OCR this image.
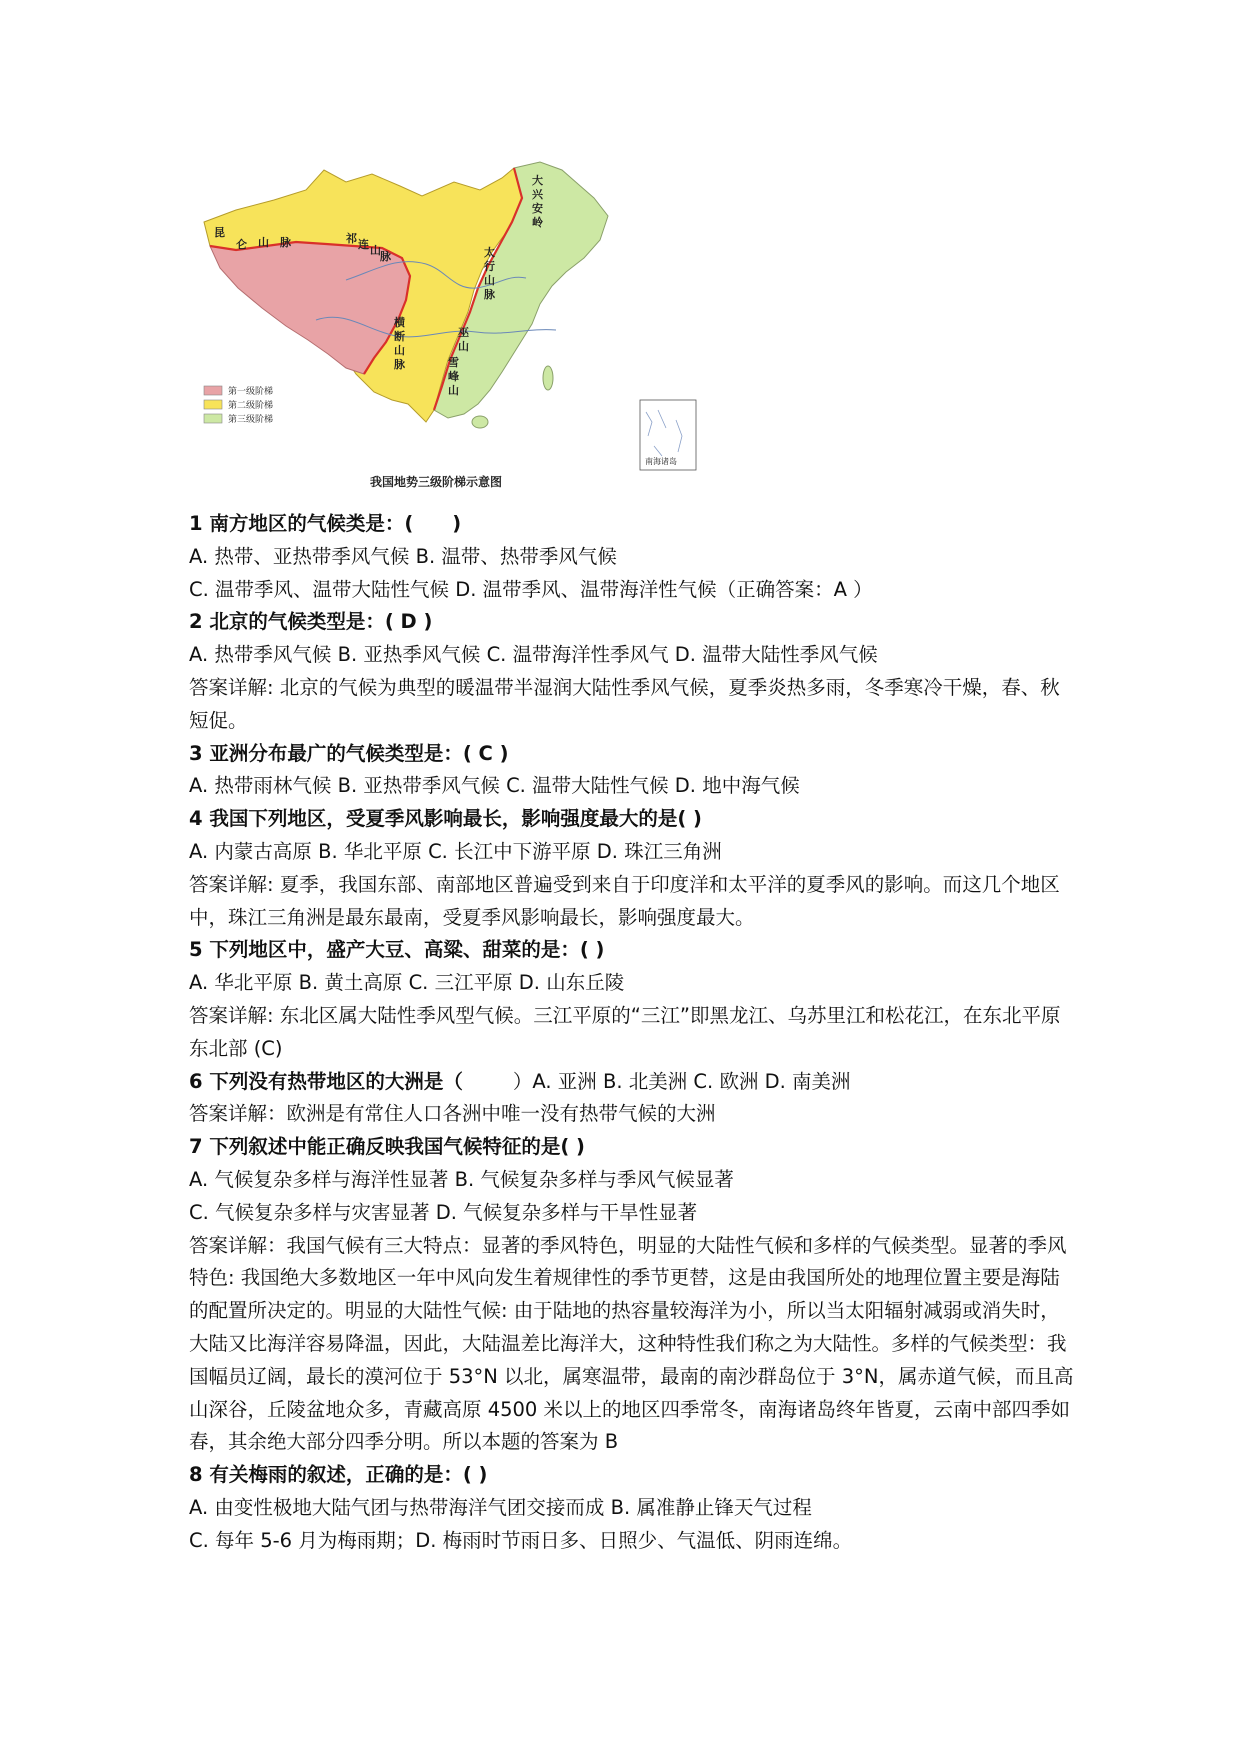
昆
仑 山 脉	祁 连 山 脉
横
断
山
脉
大
兴
安
岭
太
行
山
脉
巫
山
雪
峰
山
第一级阶梯
第二级阶梯
第三级阶梯
南海诸岛
我国地势三级阶梯示意图
1 南方地区的气候类是：(　　)
A. 热带、亚热带季风气候 B. 温带、热带季风气候
C. 温带季风、温带大陆性气候 D. 温带季风、温带海洋性气候（正确答案：A ）
2 北京的气候类型是：( D )
A. 热带季风气候 B. 亚热季风气候 C. 温带海洋性季风气 D. 温带大陆性季风气候
答案详解: 北京的气候为典型的暖温带半湿润大陆性季风气候，夏季炎热多雨，冬季寒冷干燥，春、秋短促。
3 亚洲分布最广的气候类型是：( C )
A. 热带雨林气候 B. 亚热带季风气候 C. 温带大陆性气候 D. 地中海气候
4 我国下列地区，受夏季风影响最长，影响强度最大的是( )
A. 内蒙古高原 B. 华北平原 C. 长江中下游平原 D. 珠江三角洲
答案详解: 夏季，我国东部、南部地区普遍受到来自于印度洋和太平洋的夏季风的影响。而这几个地区中，珠江三角洲是最东最南，受夏季风影响最长，影响强度最大。
5 下列地区中，盛产大豆、高粱、甜菜的是：( )
A. 华北平原 B. 黄土高原 C. 三江平原 D. 山东丘陵
答案详解: 东北区属大陆性季风型气候。三江平原的“三江”即黑龙江、乌苏里江和松花江，在东北平原东北部 (C)
6 下列没有热带地区的大洲是（	）A. 亚洲 B. 北美洲 C. 欧洲 D. 南美洲
答案详解：欧洲是有常住人口各洲中唯一没有热带气候的大洲
7 下列叙述中能正确反映我国气候特征的是( )
A. 气候复杂多样与海洋性显著 B. 气候复杂多样与季风气候显著
C. 气候复杂多样与灾害显著 D. 气候复杂多样与干旱性显著
答案详解：我国气候有三大特点：显著的季风特色，明显的大陆性气候和多样的气候类型。显著的季风特色: 我国绝大多数地区一年中风向发生着规律性的季节更替，这是由我国所处的地理位置主要是海陆的配置所决定的。明显的大陆性气候: 由于陆地的热容量较海洋为小，所以当太阳辐射减弱或消失时，大陆又比海洋容易降温，因此，大陆温差比海洋大，这种特性我们称之为大陆性。多样的气候类型：我国幅员辽阔，最长的漠河位于 53°N 以北，属寒温带，最南的南沙群岛位于 3°N，属赤道气候，而且高山深谷，丘陵盆地众多，青藏高原 4500 米以上的地区四季常冬，南海诸岛终年皆夏，云南中部四季如春，其余绝大部分四季分明。所以本题的答案为 B
8 有关梅雨的叙述，正确的是：( )
A. 由变性极地大陆气团与热带海洋气团交接而成 B. 属准静止锋天气过程
C. 每年 5-6 月为梅雨期；D. 梅雨时节雨日多、日照少、气温低、阴雨连绵。
